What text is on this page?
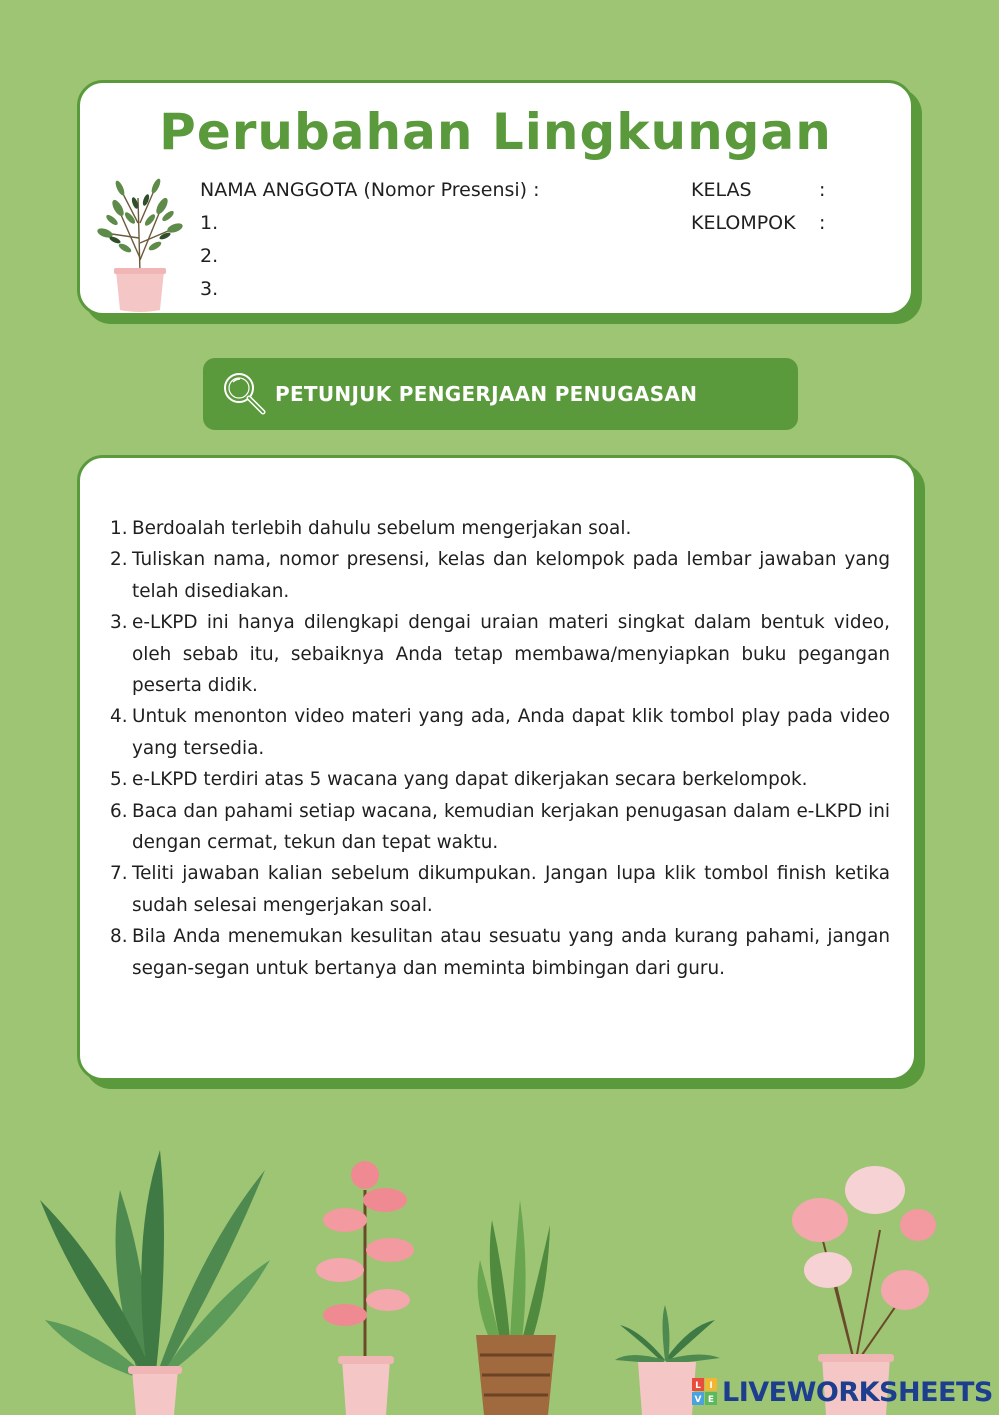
Perubahan Lingkungan
NAMA ANGGOTA (Nomor Presensi) :
1.
2.
3.
KELAS	:
KELOMPOK :
PETUNJUK PENGERJAAN PENUGASAN
1. Berdoalah terlebih dahulu sebelum mengerjakan soal.
2. Tuliskan nama, nomor presensi, kelas dan kelompok pada lembar jawaban yang telah disediakan.
3. e-LKPD ini hanya dilengkapi dengai uraian materi singkat dalam bentuk video, oleh sebab itu, sebaiknya Anda tetap membawa/menyiapkan buku pegangan peserta didik.
4. Untuk menonton video materi yang ada, Anda dapat klik tombol play pada video yang tersedia.
5. e-LKPD terdiri atas 5 wacana yang dapat dikerjakan secara berkelompok.
6. Baca dan pahami setiap wacana, kemudian kerjakan penugasan dalam e-LKPD ini dengan cermat, tekun dan tepat waktu.
7. Teliti jawaban kalian sebelum dikumpukan. Jangan lupa klik tombol finish ketika sudah selesai mengerjakan soal.
8. Bila Anda menemukan kesulitan atau sesuatu yang anda kurang pahami, jangan segan-segan untuk bertanya dan meminta bimbingan dari guru.
L I
V E LIVEWORKSHEETS
